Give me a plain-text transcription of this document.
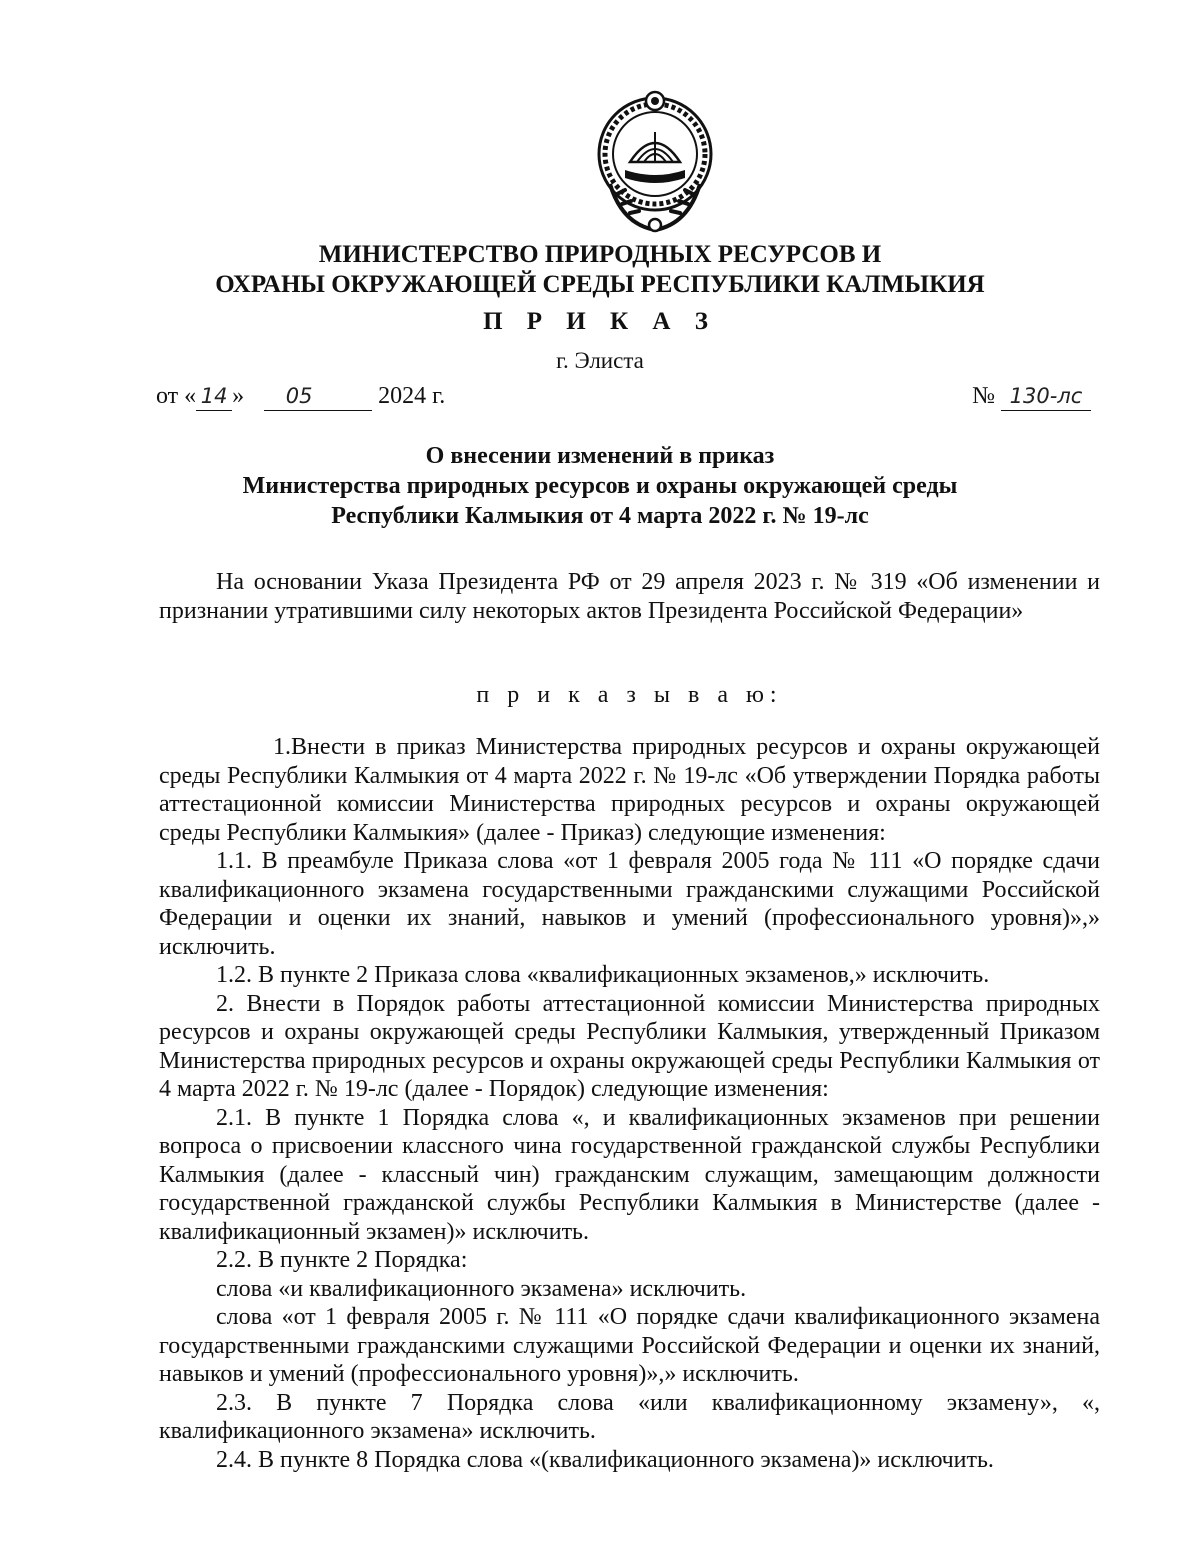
МИНИСТЕРСТВО ПРИРОДНЫХ РЕСУРСОВ И
ОХРАНЫ ОКРУЖАЮЩЕЙ СРЕДЫ РЕСПУБЛИКИ КАЛМЫКИЯ
П Р И К А З
г. Элиста
от « 14 » 05	2024 г.	№ 130-лс
О внесении изменений в приказ
Министерства природных ресурсов и охраны окружающей среды
Республики Калмыкия от 4 марта 2022 г. № 19-лс

На основании Указа Президента РФ от 29 апреля 2023 г. № 319 «Об изменении и признании утратившими силу некоторых актов Президента Российской Федерации»

п р и к а з ы в а ю:

1.Внести в приказ Министерства природных ресурсов и охраны окружающей среды Республики Калмыкия от 4 марта 2022 г. № 19-лс «Об утверждении Порядка работы аттестационной комиссии Министерства природных ресурсов и охраны окружающей среды Республики Калмыкия» (далее - Приказ) следующие изменения:

1.1. В преамбуле Приказа слова «от 1 февраля 2005 года № 111 «О порядке сдачи квалификационного экзамена государственными гражданскими служащими Российской Федерации и оценки их знаний, навыков и умений (профессионального уровня)»,» исключить.

1.2. В пункте 2 Приказа слова «квалификационных экзаменов,» исключить.

2. Внести в Порядок работы аттестационной комиссии Министерства природных ресурсов и охраны окружающей среды Республики Калмыкия, утвержденный Приказом Министерства природных ресурсов и охраны окружающей среды Республики Калмыкия от 4 марта 2022 г. № 19-лс (далее - Порядок) следующие изменения:

2.1. В пункте 1 Порядка слова «, и квалификационных экзаменов при решении вопроса о присвоении классного чина государственной гражданской службы Республики Калмыкия (далее - классный чин) гражданским служащим, замещающим должности государственной гражданской службы Республики Калмыкия в Министерстве (далее - квалификационный экзамен)» исключить.

2.2. В пункте 2 Порядка:

слова «и квалификационного экзамена» исключить.

слова «от 1 февраля 2005 г. № 111 «О порядке сдачи квалификационного экзамена государственными гражданскими служащими Российской Федерации и оценки их знаний, навыков и умений (профессионального уровня)»,» исключить.

2.3. В пункте 7 Порядка слова «или квалификационному экзамену», «, квалификационного экзамена» исключить.

2.4. В пункте 8 Порядка слова «(квалификационного экзамена)» исключить.
